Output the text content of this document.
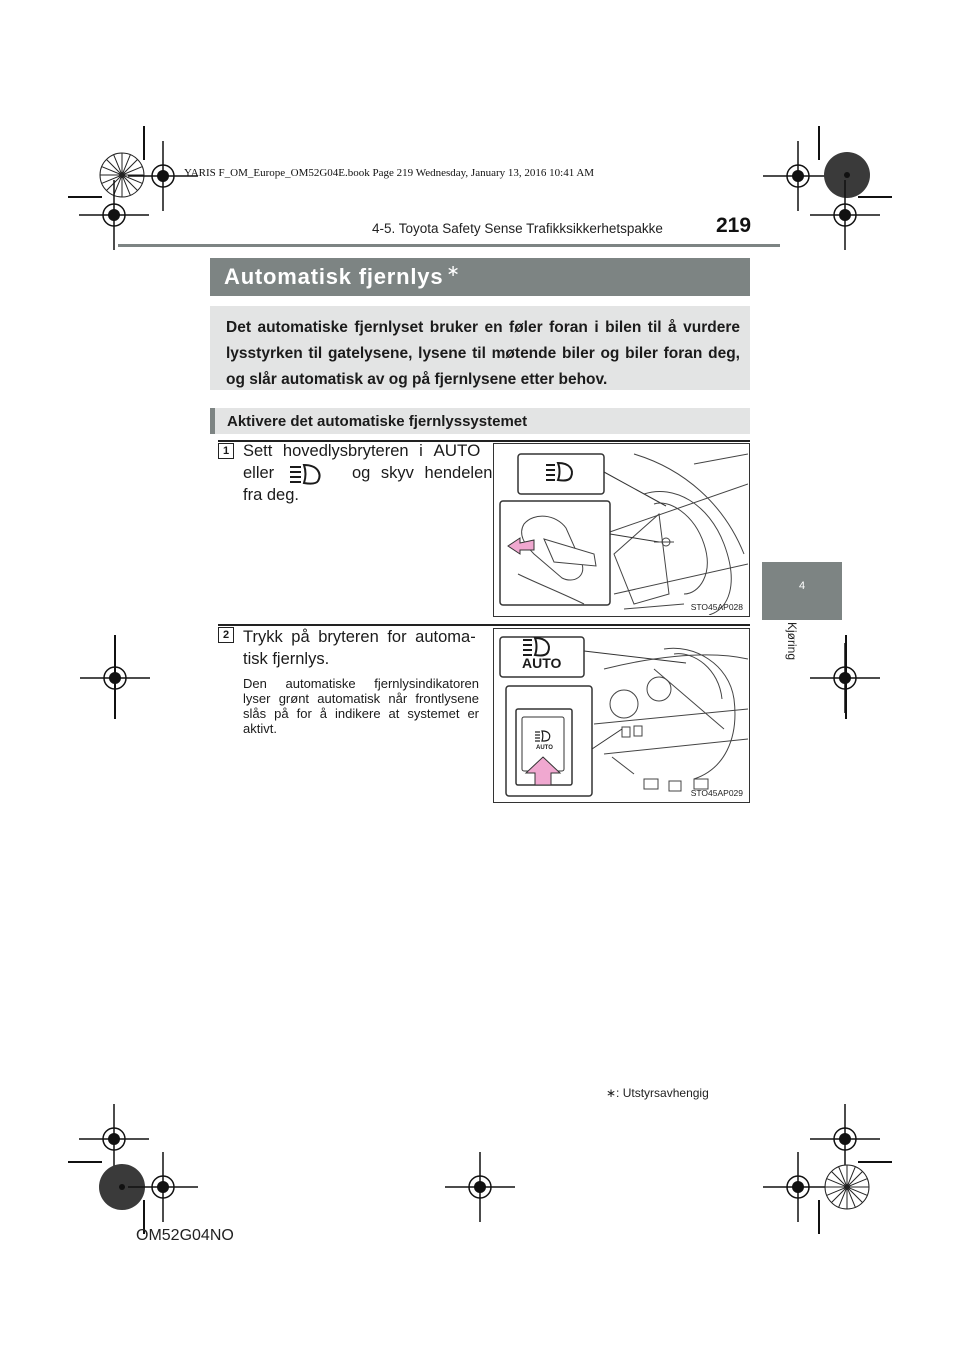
YARIS F_OM_Europe_OM52G04E.book Page 219 Wednesday, January 13, 2016 10:41 AM
4-5. Toyota Safety Sense Trafikksikkerhetspakke	219
4
Kjøring
Automatisk fjernlys ∗

Det automatiske fjernlyset bruker en føler foran i bilen til å vurdere lysstyrken til gatelysene, lysene til møtende biler og biler foran deg, og slår automatisk av og på fjernlysene etter behov.

Aktivere det automatiske fjernlyssystemet
1 Sett hovedlysbryteren i AUTO
eller	og skyv hendelen
fra deg.
STO45AP028
2 Trykk på bryteren for automa-
tisk fjernlys.
Den automatiske fjernlysindikatoren lyser grønt automatisk når frontlysene slås på for å indikere at systemet er aktivt.
AUTO
AUTO
STO45AP029
∗: Utstyrsavhengig
OM52G04NO
